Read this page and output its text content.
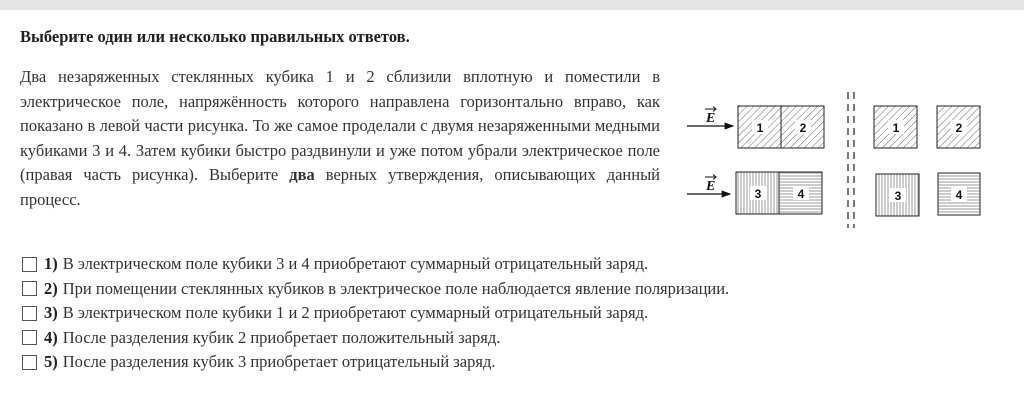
Выберите один или несколько правильных ответов.
Два незаряженных стеклянных кубика 1 и 2 сблизили вплотную и поместили в электрическое поле, напряжённость которого направлена горизонтально вправо, как показано в левой части рисунка. То же самое проделали с двумя незаряженными медными кубиками 3 и 4. Затем кубики быстро раздвинули и уже потом убрали электрическое поле (правая часть рисунка). Выберите два верных утверждения, описывающих данный процесс.
E
1	2
E	3	4
1	2
3	4
1) В электрическом поле кубики 3 и 4 приобретают суммарный отрицательный заряд.
2) При помещении стеклянных кубиков в электрическое поле наблюдается явление поляризации.
3) В электрическом поле кубики 1 и 2 приобретают суммарный отрицательный заряд.
4) После разделения кубик 2 приобретает положительный заряд.
5) После разделения кубик 3 приобретает отрицательный заряд.
